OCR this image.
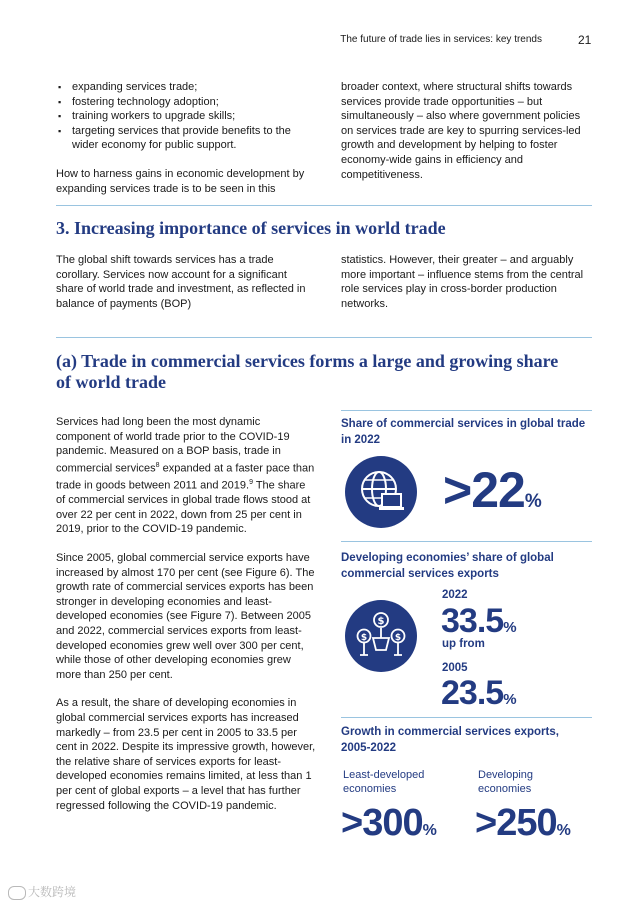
The future of trade lies in services: key trends	21
▪ expanding services trade;
▪ fostering technology adoption;
▪ training workers to upgrade skills;
▪ targeting services that provide benefits to the wider economy for public support.

How to harness gains in economic development by expanding services trade is to be seen in this

broader context, where structural shifts towards services provide trade opportunities – but simultaneously – also where government policies on services trade are key to spurring services-led growth and development by helping to foster economy-wide gains in efficiency and competitiveness.

3. Increasing importance of services in world trade

The global shift towards services has a trade corollary. Services now account for a significant share of world trade and investment, as reflected in balance of payments (BOP)

statistics. However, their greater – and arguably more important – influence stems from the central role services play in cross-border production networks.

(a) Trade in commercial services forms a large and growing share of world trade

Services had long been the most dynamic component of world trade prior to the COVID-19 pandemic. Measured on a BOP basis, trade in commercial services$^8$ expanded at a faster pace than trade in goods between 2011 and 2019.$^9$ The share of commercial services in global trade flows stood at over 22 per cent in 2022, down from 25 per cent in 2019, prior to the COVID-19 pandemic.

Since 2005, global commercial service exports have increased by almost 170 per cent (see Figure 6). The growth rate of commercial services exports has been stronger in developing economies and least-developed economies (see Figure 7). Between 2005 and 2022, commercial services exports from least-developed economies grew well over 300 per cent, while those of other developing economies grew more than 250 per cent.

As a result, the share of developing economies in global commercial services exports has increased markedly – from 23.5 per cent in 2005 to 33.5 per cent in 2022. Despite its impressive growth, however, the relative share of services exports for least-developed economies remains limited, at less than 1 per cent of global exports – a level that has further regressed following the COVID-19 pandemic.

Share of commercial services in global trade in 2022
>22%
Developing economies’ share of global commercial services exports
$
$	$
2022
33.5%
up from
2005
23.5%
Growth in commercial services exports, 2005-2022
Least-developed economies
Developing economies
>300% >250%
大数跨境
